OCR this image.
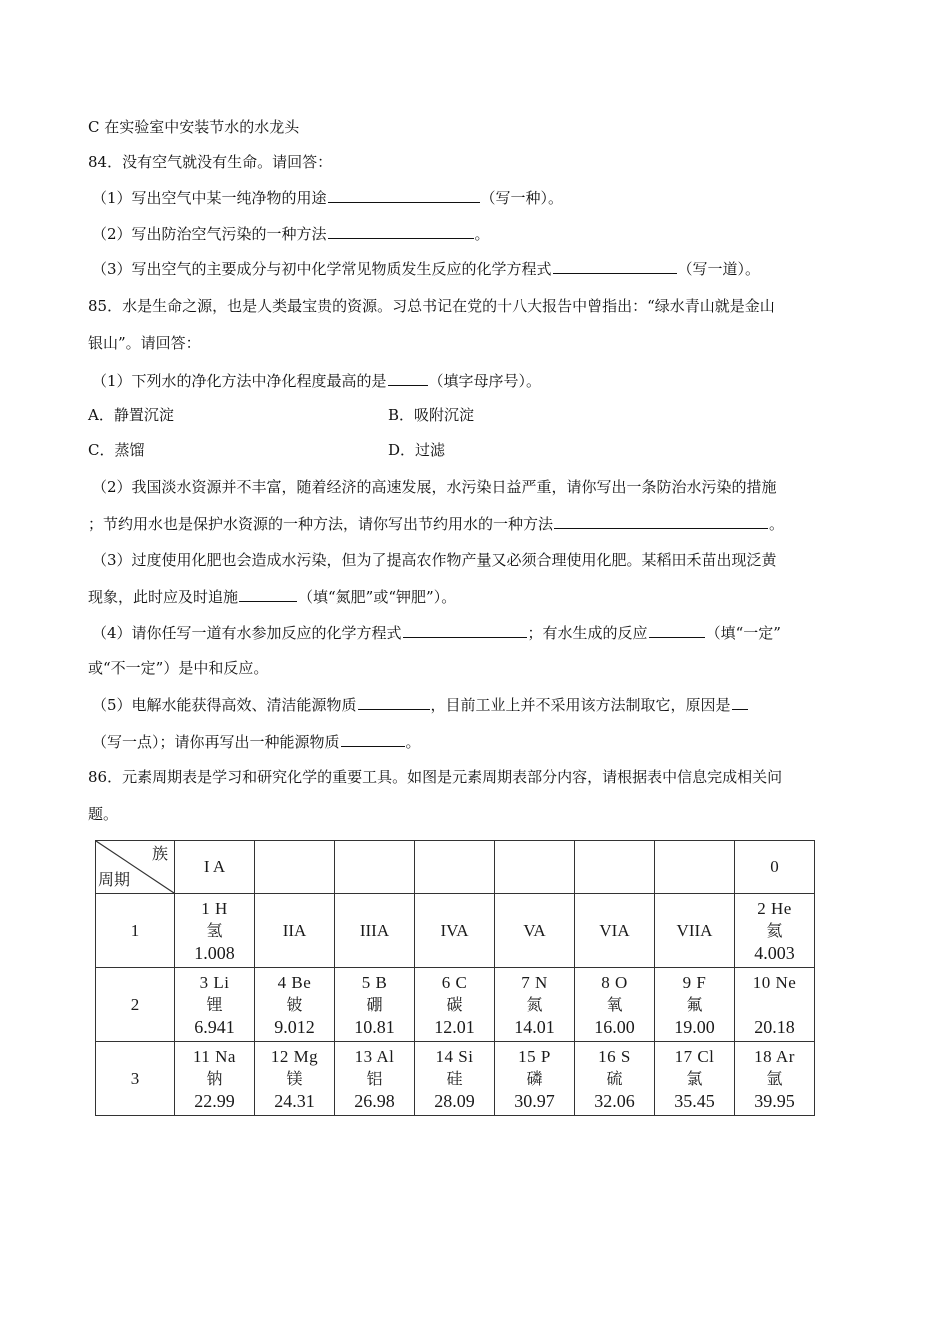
C 在实验室中安装节水的水龙头
84．没有空气就没有生命。请回答：
（1）写出空气中某一纯净物的用途	（写一种）。
（2）写出防治空气污染的一种方法	。
（3）写出空气的主要成分与初中化学常见物质发生反应的化学方程式	（写一道）。
85．水是生命之源，也是人类最宝贵的资源。习总书记在党的十八大报告中曾指出：“绿水青山就是金山
银山”。请回答：
（1）下列水的净化方法中净化程度最高的是	（填字母序号）。
A．静置沉淀	B．吸附沉淀
C．蒸馏	D．过滤
（2）我国淡水资源并不丰富，随着经济的高速发展，水污染日益严重，请你写出一条防治水污染的措施
；节约用水也是保护水资源的一种方法，请你写出节约用水的一种方法	。
（3）过度使用化肥也会造成水污染，但为了提高农作物产量又必须合理使用化肥。某稻田禾苗出现泛黄
现象，此时应及时追施	（填“氮肥”或“钾肥”）。
（4）请你任写一道有水参加反应的化学方程式	；有水生成的反应	（填“一定”
或“不一定”）是中和反应。
（5）电解水能获得高效、清洁能源物质	，目前工业上并不采用该方法制取它，原因是
（写一点）；请你再写出一种能源物质	。
86．元素周期表是学习和研究化学的重要工具。如图是元素周期表部分内容，请根据表中信息完成相关问
题。
族
周期	I A							0
1	1 H
氢
1.008	IIA	IIIA	IVA	VA	VIA	VIIA	2 He
氦
4.003

2	3 Li
锂
6.941	4 Be
铍
9.012	5 B
硼
10.81	6 C
碳
12.01	7 N
氮
14.01	8 O
氧
16.00	9 F
氟
19.00	10 Ne
20.18

3	11 Na
钠
22.99	12 Mg
镁
24.31	13 Al
铝
26.98	14 Si
硅
28.09	15 P
磷
30.97	16 S
硫
32.06	17 Cl
氯
35.45	18 Ar
氩
39.95
